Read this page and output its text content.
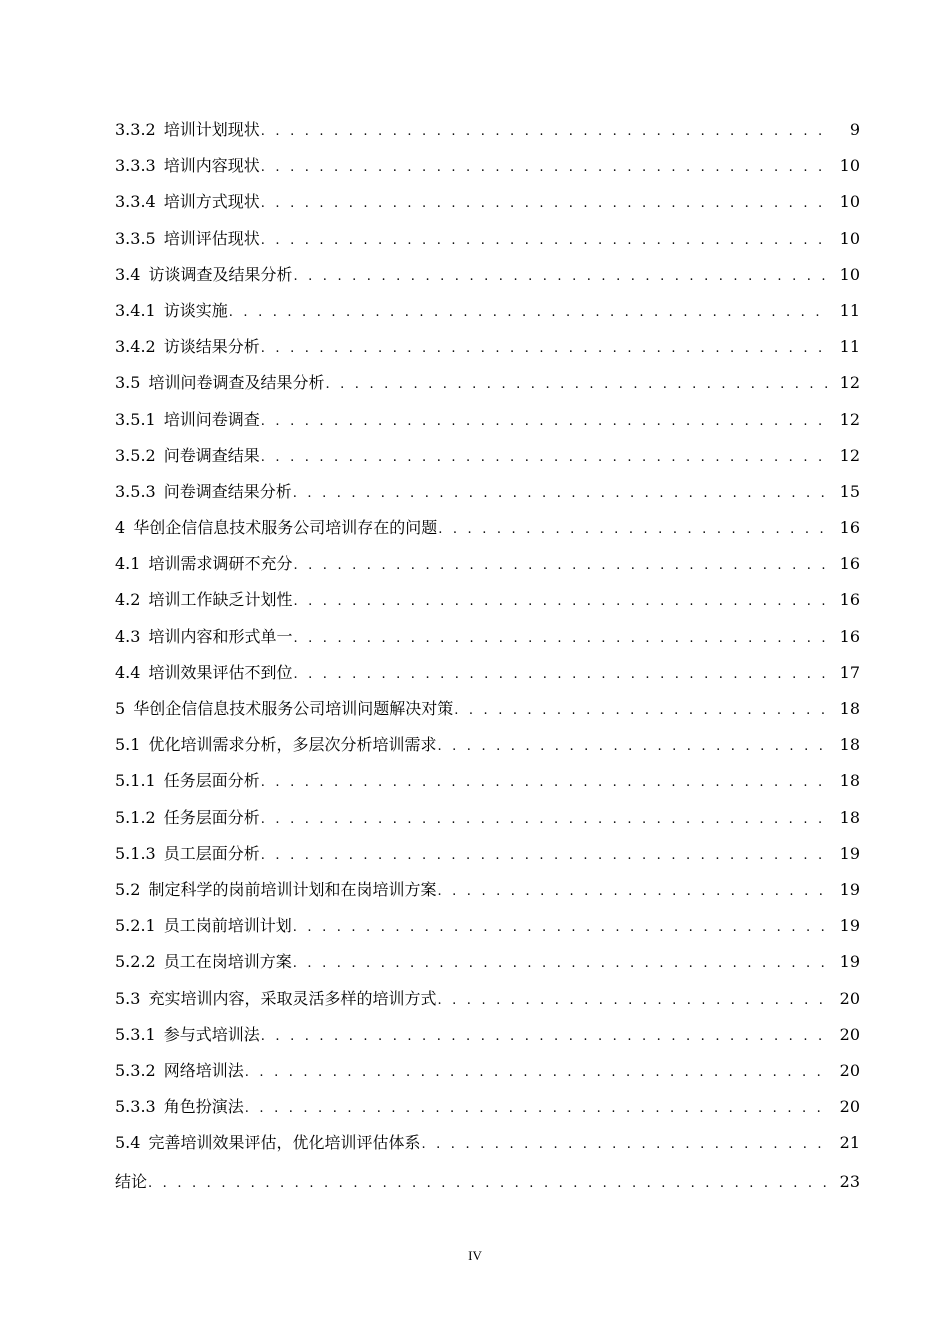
3.3.2 培训计划现状 . . .	9
3.3.3 培训内容现状 . . .	10
3.3.4 培训方式现状 . . .	10
3.3.5 培训评估现状 . . .	10
3.4 访谈调查及结果分析 . . .	10
3.4.1 访谈实施 . . .	11
3.4.2 访谈结果分析 . . .	11
3.5 培训问卷调查及结果分析 . . .	12
3.5.1 培训问卷调查 . . .	12
3.5.2 问卷调查结果 . . .	12
3.5.3 问卷调查结果分析 . . .	15
4 华创企信信息技术服务公司培训存在的问题 . . .	16
4.1 培训需求调研不充分 . . .	16
4.2 培训工作缺乏计划性 . . .	16
4.3 培训内容和形式单一 . . .	16
4.4 培训效果评估不到位 . . .	17
5 华创企信信息技术服务公司培训问题解决对策 . . .	18
5.1 优化培训需求分析，多层次分析培训需求 . . .	18
5.1.1 任务层面分析 . . .	18
5.1.2 任务层面分析 . . .	18
5.1.3 员工层面分析 . . .	19
5.2 制定科学的岗前培训计划和在岗培训方案 . . .	19
5.2.1 员工岗前培训计划 . . .	19
5.2.2 员工在岗培训方案 . . .	19
5.3 充实培训内容，采取灵活多样的培训方式 . . .	20
5.3.1 参与式培训法 . . .	20
5.3.2 网络培训法 . . .	20
5.3.3 角色扮演法 . . .	20
5.4 完善培训效果评估，优化培训评估体系 . . .	21
结论 . . .	23
IV
